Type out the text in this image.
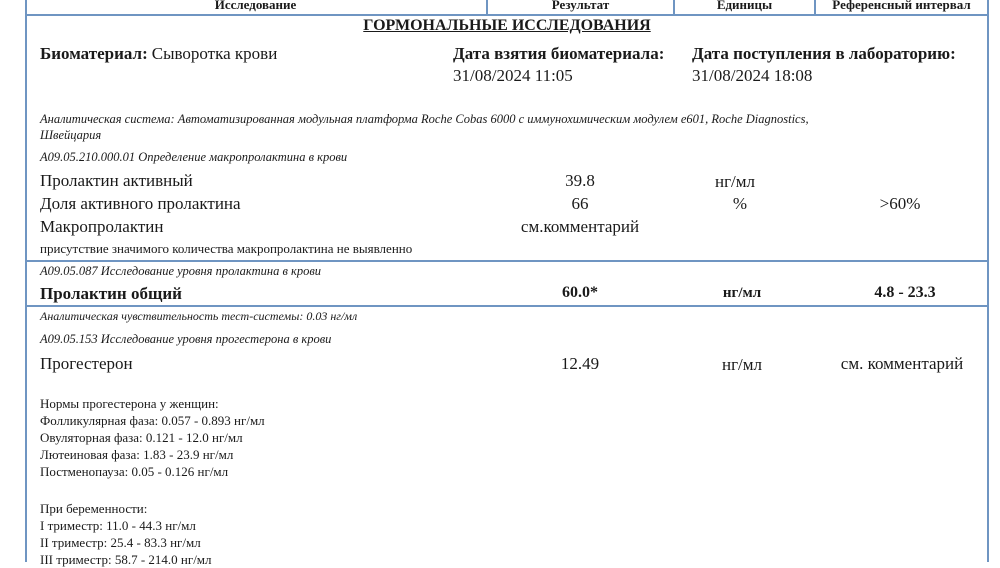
Исследование	Результат	Единицы	Референсный интервал
ГОРМОНАЛЬНЫЕ ИССЛЕДОВАНИЯ
Биоматериал: Сыворотка крови	Дата взятия биоматериала:
31/08/2024 11:05
Дата поступления в лабораторию:
31/08/2024 18:08
Аналитическая система: Автоматизированная модульная платформа Roche Cobas 6000 с иммунохимическим модулем e601, Roche Diagnostics,
Швейцария
A09.05.210.000.01 Определение макропролактина в крови
Пролактин активный	39.8	нг/мл
Доля активного пролактина	66	%	>60%
Макропролактин	см.комментарий
присутствие значимого количества макропролактина не выявленно
A09.05.087 Исследование уровня пролактина в крови
Пролактин общий	60.0*	нг/мл	4.8 - 23.3
Аналитическая чувствительность тест-системы: 0.03 нг/мл
A09.05.153 Исследование уровня прогестерона в крови
Прогестерон	12.49	нг/мл	см. комментарий
Нормы прогестерона у женщин:
Фолликулярная фаза: 0.057 - 0.893 нг/мл
Овуляторная фаза: 0.121 - 12.0 нг/мл
Лютеиновая фаза: 1.83 - 23.9 нг/мл
Постменопауза: 0.05 - 0.126 нг/мл
При беременности:
I триместр: 11.0 - 44.3 нг/мл
II триместр: 25.4 - 83.3 нг/мл
III триместр: 58.7 - 214.0 нг/мл
